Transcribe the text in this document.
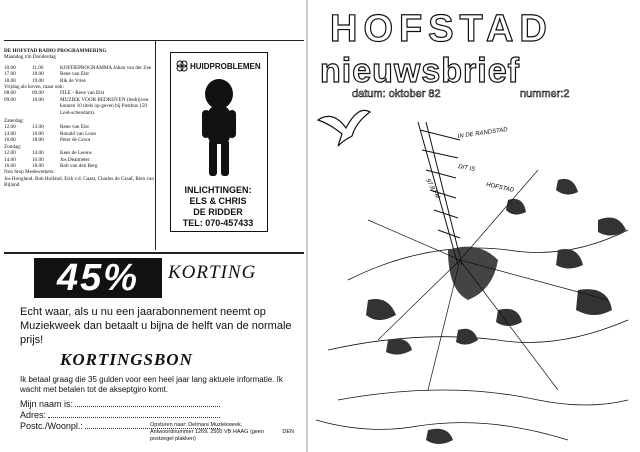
DE HOFSTAD RADIO PROGRAMMERING
Maandag t/m Donderdag
10.00	11.00	KOFFIEPROGRAMMA Johan van der Zee
17.00	18.00	Rene van Elst
18.00	19.00	Rik de Vries
Vrijdag als boven, maar ook:
08.00	09.00	FILE - Rene van Elst
09.00	10.00	MUZIEK VOOR BEDRIJVEN (bedrijven kunnen 10 titels op-geven bij Postbus 159 Leid-schendam).
Zaterdag:
12.00	13.00	Rene van Elst
14.00	16.00	Ronald van Loon
16.00	18.00	Peter de Groot
Zondag:
12.00	14.00	Kees de Leeuw
14.00	16.00	Jos Dealmeter
16.00	18.00	Rob van den Berg
Non Stop Medewerkers:
Jos Hoogland, Rob Holland, Erik v.d. Gaast, Charles de Graaf, Rien van Bijland.
HUIDPROBLEMEN
INLICHTINGEN:
ELS & CHRIS
DE RIDDER
TEL: 070-457433
45%	KORTING
Echt waar, als u nu een jaarabonnement neemt op Muziekweek dan betaalt u bijna de helft van de normale prijs!
KORTINGSBON
Ik betaal graag die 35 gulden voor een heel jaar lang aktuele informatie. Ik wacht met betalen tot de akseptgiro komt.
Mijn naam is:
Adres:
Postc./Woonpl.:	Opsturen naar: Delmare Muziekweek, Antwoordnummer 1269, 2500 VB HAAG (geen postzegel plakken)
DEN
HOFSTAD
nieuwsbrief
datum: oktober 82	nummer:2
IN DE RANDSTAD
DIT IS
HOFSTAD
97,8 FM
